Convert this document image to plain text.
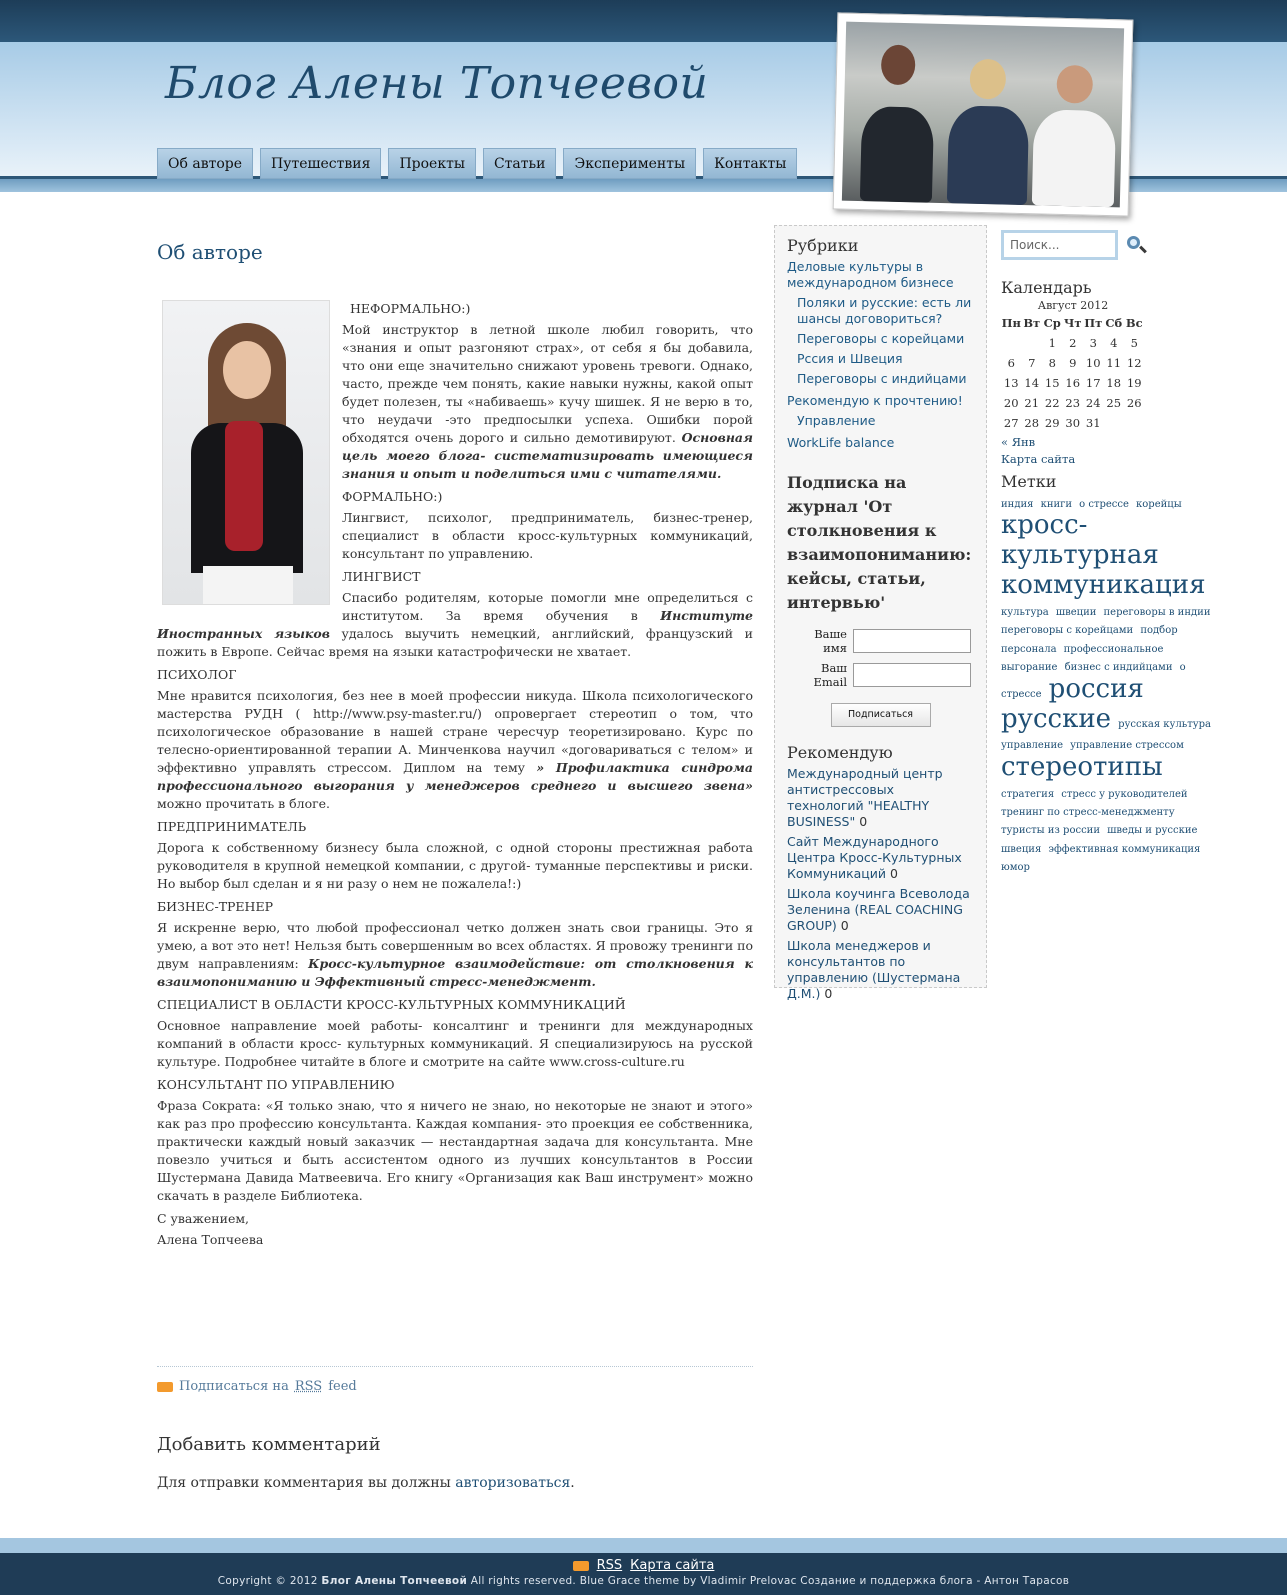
Блог Алены Топчеевой
Об авторе	Путешествия	Проекты	Статьи	Эксперименты	Контакты
Об авторе

НЕФОРМАЛЬНО:)

Мой инструктор в летной школе любил говорить, что «знания и опыт разгоняют страх», от себя я бы добавила, что они еще значительно снижают уровень тревоги. Однако, часто, прежде чем понять, какие навыки нужны, какой опыт будет полезен, ты «набиваешь» кучу шишек. Я не верю в то, что неудачи -это предпосылки успеха. Ошибки порой обходятся очень дорого и сильно демотивируют. Основная цель моего блога- систематизировать имеющиеся знания и опыт и поделиться ими с читателями.

ФОРМАЛЬНО:)

Лингвист, психолог, предприниматель, бизнес-тренер, специалист в области кросс-культурных коммуникаций, консультант по управлению.

ЛИНГВИСТ

Спасибо родителям, которые помогли мне определиться с институтом. За время обучения в Институте Иностранных языков удалось выучить немецкий, английский, французский и пожить в Европе. Сейчас время на языки катастрофически не хватает.

ПСИХОЛОГ

Мне нравится психология, без нее в моей профессии никуда. Школа психологического мастерства РУДН ( http://www.psy-master.ru/) опровергает стереотип о том, что психологическое образование в нашей стране чересчур теоретизировано. Курс по телесно-ориентированной терапии А. Минченкова научил «договариваться с телом» и эффективно управлять стрессом. Диплом на тему » Профилактика синдрома профессионального выгорания у менеджеров среднего и высшего звена» можно прочитать в блоге.

ПРЕДПРИНИМАТЕЛЬ

Дорога к собственному бизнесу была сложной, с одной стороны престижная работа руководителя в крупной немецкой компании, с другой- туманные перспективы и риски. Но выбор был сделан и я ни разу о нем не пожалела!:)

БИЗНЕС-ТРЕНЕР

Я искренне верю, что любой профессионал четко должен знать свои границы. Это я умею, а вот это нет! Нельзя быть совершенным во всех областях. Я провожу тренинги по двум направлениям: Кросс-культурное взаимодействие: от столкновения к взаимопониманию и Эффективный стресс-менеджмент.

СПЕЦИАЛИСТ В ОБЛАСТИ КРОСС-КУЛЬТУРНЫХ КОММУНИКАЦИЙ

Основное направление моей работы- консалтинг и тренинги для международных компаний в области кросс- культурных коммуникаций. Я специализируюсь на русской культуре. Подробнее читайте в блоге и смотрите на сайте www.cross-culture.ru

КОНСУЛЬТАНТ ПО УПРАВЛЕНИЮ

Фраза Сократа: «Я только знаю, что я ничего не знаю, но некоторые не знают и этого» как раз про профессию консультанта. Каждая компания- это проекция ее собственника, практически каждый новый заказчик — нестандартная задача для консультанта. Мне повезло учиться и быть ассистентом одного из лучших консультантов в России Шустермана Давида Матвеевича. Его книгу «Организация как Ваш инструмент» можно скачать в разделе Библиотека.

С уважением,

Алена Топчеева

Подписаться на RSS feed
Добавить комментарий

Для отправки комментария вы должны авторизоваться.

Рубрики
Деловые культуры в международном бизнесе
Поляки и русские: есть ли шансы договориться?
Переговоры с корейцами
Рссия и Швеция
Переговоры с индийцами
Рекомендую к прочтению!
Управление
WorkLife balance
Подписка на журнал 'От столкновения к взаимопониманию: кейсы, статьи, интервью'
Ваше имя
Ваш Email
Подписаться
Рекомендую
Международный центр антистрессовых технологий "HEALTHY BUSINESS" 0
Сайт Международного Центра Кросс-Культурных Коммуникаций 0
Школа коучинга Всеволода Зеленина (REAL COACHING GROUP) 0
Школа менеджеров и консультантов по управлению (Шустермана Д.М.) 0
Поиск...
Календарь
Август 2012
Пн	Вт	Ср	Чт	Пт	Сб	Вс
		1	2	3	4	5
6	7	8	9	10	11	12
13	14	15	16	17	18	19
20	21	22	23	24	25	26
27	28	29	30	31		
« Янв
Карта сайта
Метки
индия книги о стрессе корейцы кросс-культурная коммуникация культура швеции переговоры в индии переговоры с корейцами подбор персонала профессиональное выгорание бизнес с индийцами о стрессе россия русские русская культура управление управление стрессом стереотипы стратегия стресс у руководителей тренинг по стресс-менеджменту туристы из россии шведы и русские швеция эффективная коммуникация юмор
RSS Карта сайта
Copyright © 2012 Блог Алены Топчеевой All rights reserved. Blue Grace theme by Vladimir Prelovac Создание и поддержка блога - Антон Тарасов
